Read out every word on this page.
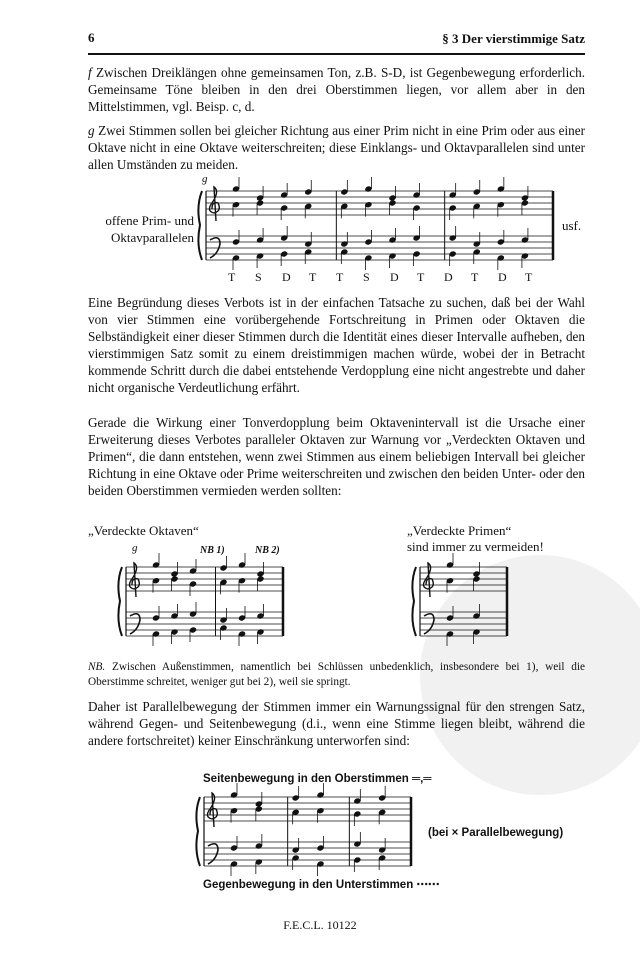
6	§ 3 Der vierstimmige Satz
f Zwischen Dreiklängen ohne gemeinsamen Ton, z.B. S-D, ist Gegenbewegung erforderlich. Gemeinsame Töne bleiben in den drei Oberstimmen liegen, vor allem aber in den Mittelstimmen, vgl. Beisp. c, d.
g Zwei Stimmen sollen bei gleicher Richtung aus einer Prim nicht in eine Prim oder aus einer Oktave nicht in eine Oktave weiterschreiten; diese Einklangs- und Oktavparallelen sind unter allen Umständen zu meiden.
g
offene Prim- und
Oktavparallelen
usf.
T S D T T S D T D T D T
Eine Begründung dieses Verbots ist in der einfachen Tatsache zu suchen, daß bei der Wahl von vier Stimmen eine vorübergehende Fortschreitung in Primen oder Oktaven die Selbständigkeit einer dieser Stimmen durch die Identität eines dieser Intervalle aufheben, den vierstimmigen Satz somit zu einem dreistimmigen machen würde, wobei der in Betracht kommende Schritt durch die dabei entstehende Verdopplung eine nicht angestrebte und daher nicht organische Verdeutlichung erfährt.
Gerade die Wirkung einer Tonverdopplung beim Oktavenintervall ist die Ursache einer Erweiterung dieses Verbotes paralleler Oktaven zur Warnung vor „Verdeckten Oktaven und Primen“, die dann entstehen, wenn zwei Stimmen aus einem beliebigen Intervall bei gleicher Richtung in eine Oktave oder Prime weiterschreiten und zwischen den beiden Unter- oder den beiden Oberstimmen vermieden werden sollten:
„Verdeckte Oktaven“
g	NB 1)	NB 2)
„Verdeckte Primen“
sind immer zu vermeiden!
NB. Zwischen Außenstimmen, namentlich bei Schlüssen unbedenklich, insbesondere bei 1), weil die Oberstimme schreitet, weniger gut bei 2), weil sie springt.
Daher ist Parallelbewegung der Stimmen immer ein Warnungssignal für den strengen Satz, während Gegen- und Seitenbewegung (d.i., wenn eine Stimme liegen bleibt, während die andere fortschreitet) keiner Einschränkung unterworfen sind:
Seitenbewegung in den Oberstimmen ═,═
(bei × Parallelbewegung)
Gegenbewegung in den Unterstimmen ⋯⋯
F.E.C.L. 10122
